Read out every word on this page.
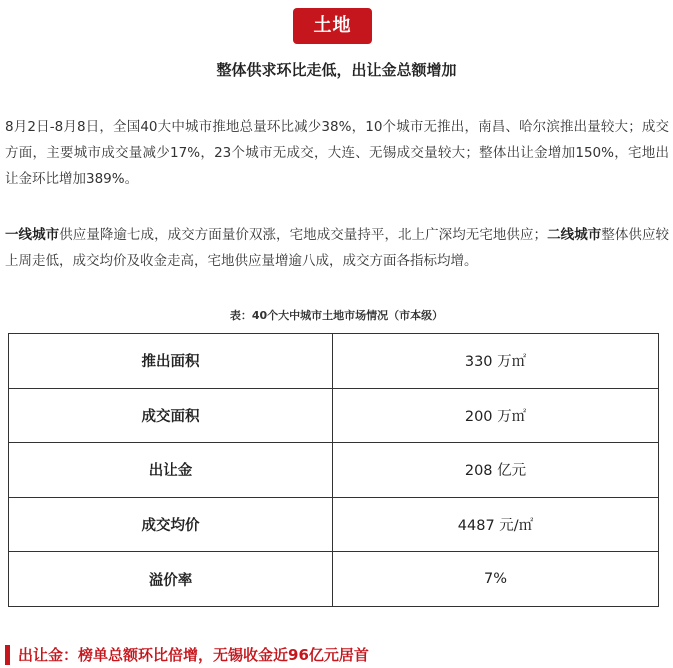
土地
整体供求环比走低，出让金总额增加

8月2日-8月8日，全国40大中城市推地总量环比减少38%，10个城市无推出，南昌、哈尔滨推出量较大；成交方面，主要城市成交量减少17%，23个城市无成交，大连、无锡成交量较大；整体出让金增加150%，宅地出让金环比增加389%。

一线城市供应量降逾七成，成交方面量价双涨，宅地成交量持平，北上广深均无宅地供应；二线城市整体供应较上周走低，成交均价及收金走高，宅地供应量增逾八成，成交方面各指标均增。

表：40个大中城市土地市场情况（市本级）
推出面积	330 万㎡
成交面积	200 万㎡
出让金	208 亿元
成交均价	4487 元/㎡
溢价率	7%
出让金：榜单总额环比倍增，无锡收金近96亿元居首
